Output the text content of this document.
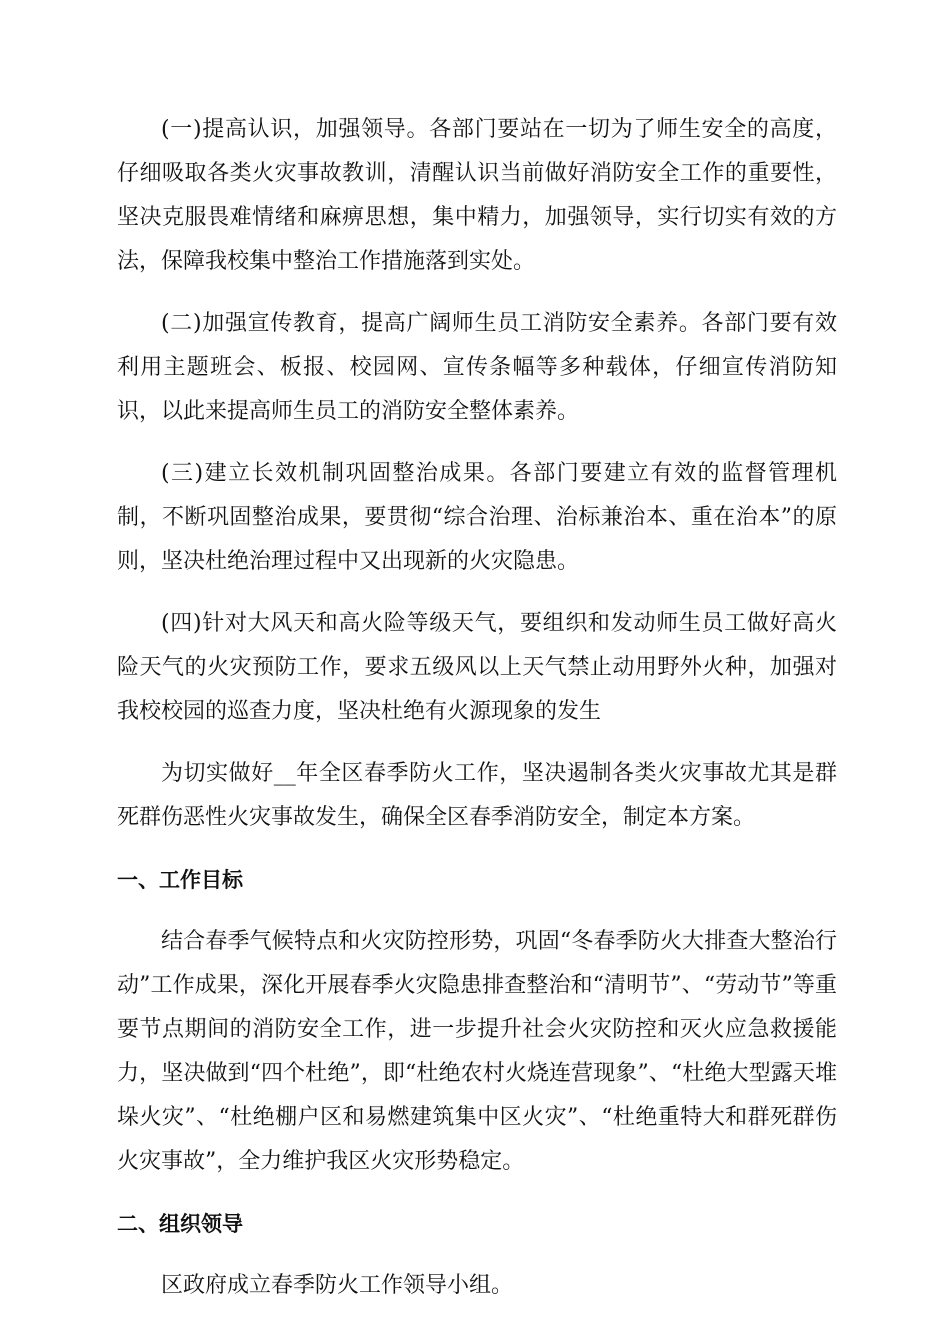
(一)提高认识，加强领导。各部门要站在一切为了师生安全的高度，仔细吸取各类火灾事故教训，清醒认识当前做好消防安全工作的重要性，坚决克服畏难情绪和麻痹思想，集中精力，加强领导，实行切实有效的方法，保障我校集中整治工作措施落到实处。

(二)加强宣传教育，提高广阔师生员工消防安全素养。各部门要有效利用主题班会、板报、校园网、宣传条幅等多种载体，仔细宣传消防知识，以此来提高师生员工的消防安全整体素养。

(三)建立长效机制巩固整治成果。各部门要建立有效的监督管理机制，不断巩固整治成果，要贯彻“综合治理、治标兼治本、重在治本”的原则，坚决杜绝治理过程中又出现新的火灾隐患。

(四)针对大风天和高火险等级天气，要组织和发动师生员工做好高火险天气的火灾预防工作，要求五级风以上天气禁止动用野外火种，加强对我校校园的巡查力度，坚决杜绝有火源现象的发生

为切实做好__年全区春季防火工作，坚决遏制各类火灾事故尤其是群死群伤恶性火灾事故发生，确保全区春季消防安全，制定本方案。

一、工作目标

结合春季气候特点和火灾防控形势，巩固“冬春季防火大排查大整治行动”工作成果，深化开展春季火灾隐患排查整治和“清明节”、“劳动节”等重要节点期间的消防安全工作，进一步提升社会火灾防控和灭火应急救援能力，坚决做到“四个杜绝”，即“杜绝农村火烧连营现象”、“杜绝大型露天堆垛火灾”、“杜绝棚户区和易燃建筑集中区火灾”、“杜绝重特大和群死群伤火灾事故”，全力维护我区火灾形势稳定。

二、组织领导

区政府成立春季防火工作领导小组。
